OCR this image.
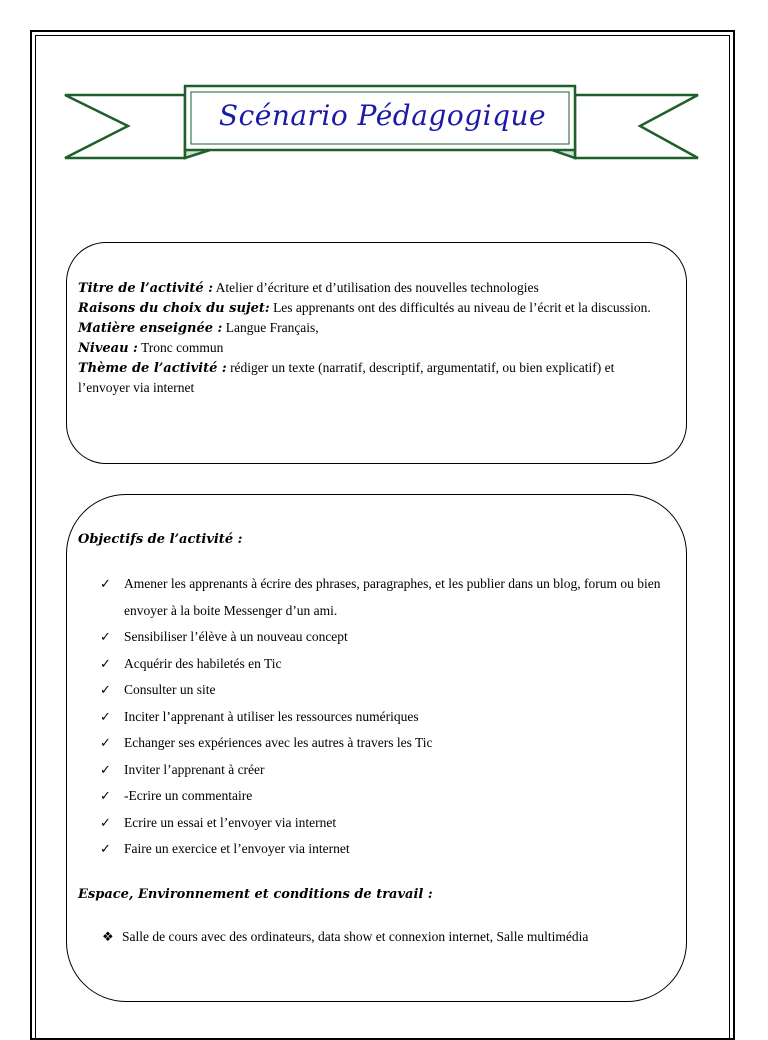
Scénario Pédagogique

Titre de l’activité : Atelier d’écriture et d’utilisation des nouvelles technologies

Raisons du choix du sujet: Les apprenants ont des difficultés au niveau de l’écrit et la discussion.

Matière enseignée : Langue Français,

Niveau : Tronc commun

Thème de l’activité : rédiger un texte (narratif, descriptif, argumentatif, ou bien explicatif) et l’envoyer via internet

Objectifs de l’activité :
✓ Amener les apprenants à écrire des phrases, paragraphes, et les publier dans un blog, forum ou bien envoyer à la boite Messenger d’un ami.
✓ Sensibiliser l’élève à un nouveau concept
✓ Acquérir des habiletés en Tic
✓ Consulter un site
✓ Inciter l’apprenant à utiliser les ressources numériques
✓ Echanger ses expériences avec les autres à travers les Tic
✓ Inviter l’apprenant à créer
✓ -Ecrire un commentaire
✓ Ecrire un essai et l’envoyer via internet
✓ Faire un exercice et l’envoyer via internet
Espace, Environnement et conditions de travail :
❖ Salle de cours avec des ordinateurs, data show et connexion internet, Salle multimédia
